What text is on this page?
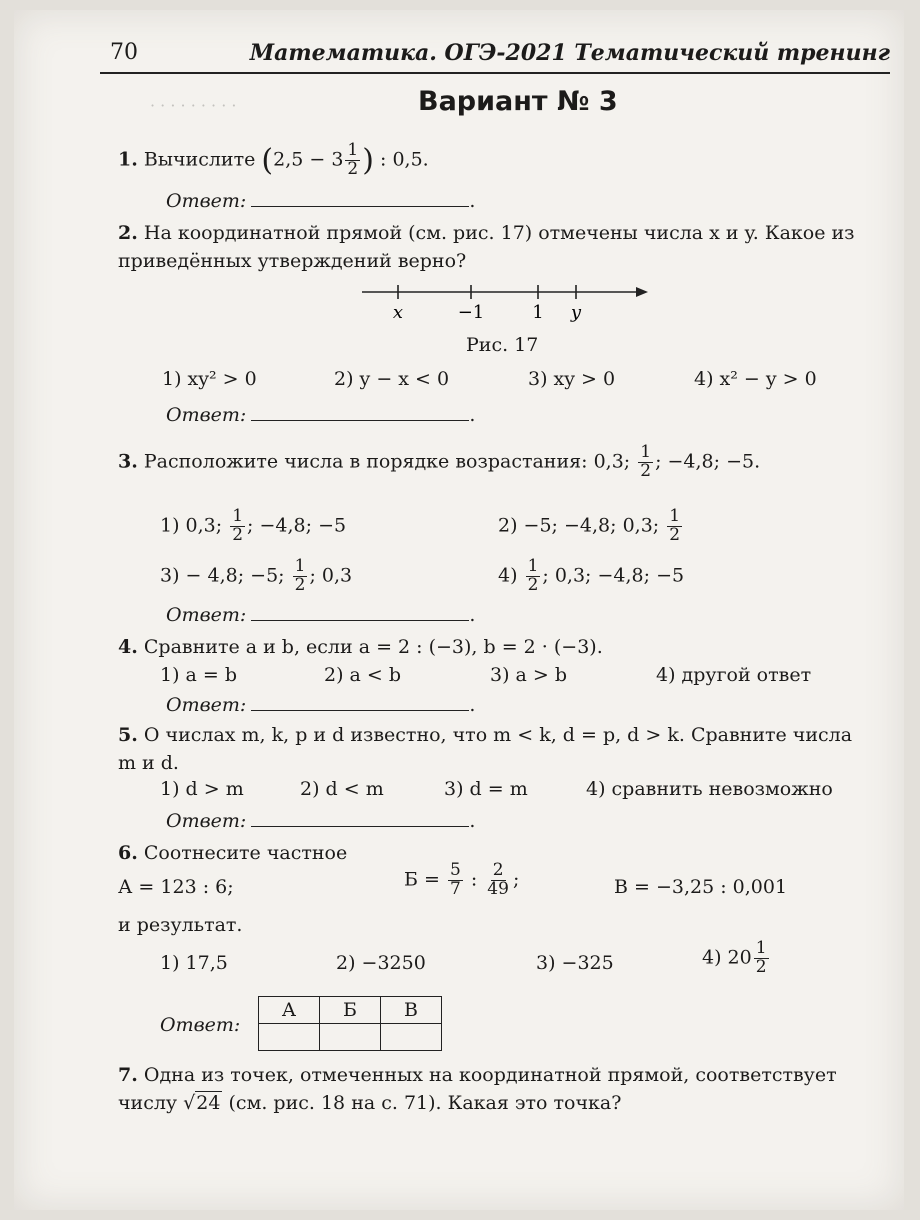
· · · · · · · · ·
70	Математика. ОГЭ-2021 Тематический тренинг
Вариант № 3
1. Вычислите ($2,5 - 3 \frac{1}{2}$ ) : 0,5.
Ответ:	.
2. На координатной прямой (см. рис. 17) отмечены числа x и y. Какое из
приведённых утверждений верно?
x	−1	1 y
Рис. 17
1) xy² > 0	2) y − x < 0	3) xy > 0	4) x² − y > 0
Ответ:	.
3. Расположите числа в порядке возрастания: 0,3; $\frac{1}{2}$ ; −4,8; −5.
1) 0,3; $\frac{1}{2}$ ; −4,8; −5	2) −5; −4,8; 0,3; $\frac{1}{2}$
3) − 4,8; −5; $\frac{1}{2}$ ; 0,3	$4) \frac{1}{2}$ ; 0,3; −4,8; −5
Ответ:	.
4. Сравните a и b, если a = 2 : (−3), b = 2 · (−3).
1) a = b	2) a < b	3) a > b	4) другой ответ
Ответ:	.
5. О числах m, k, p и d известно, что m < k, d = p, d > k. Сравните числа
m и d.
1) d > m	2) d < m	3) d = m	4) сравнить невозможно
Ответ:	.
6. Соотнесите частное
А = 123 : 6;	$Б = \frac{5}{7}$ : $\frac{2}{49}$ ;	В = −3,25 : 0,001
и результат.
1) 17,5	2) −3250	3) −325	4) $20 \frac{1}{2}$
Ответ:
А	Б	В

7. Одна из точек, отмеченных на координатной прямой, соответствует
числу √24 (см. рис. 18 на с. 71). Какая это точка?
